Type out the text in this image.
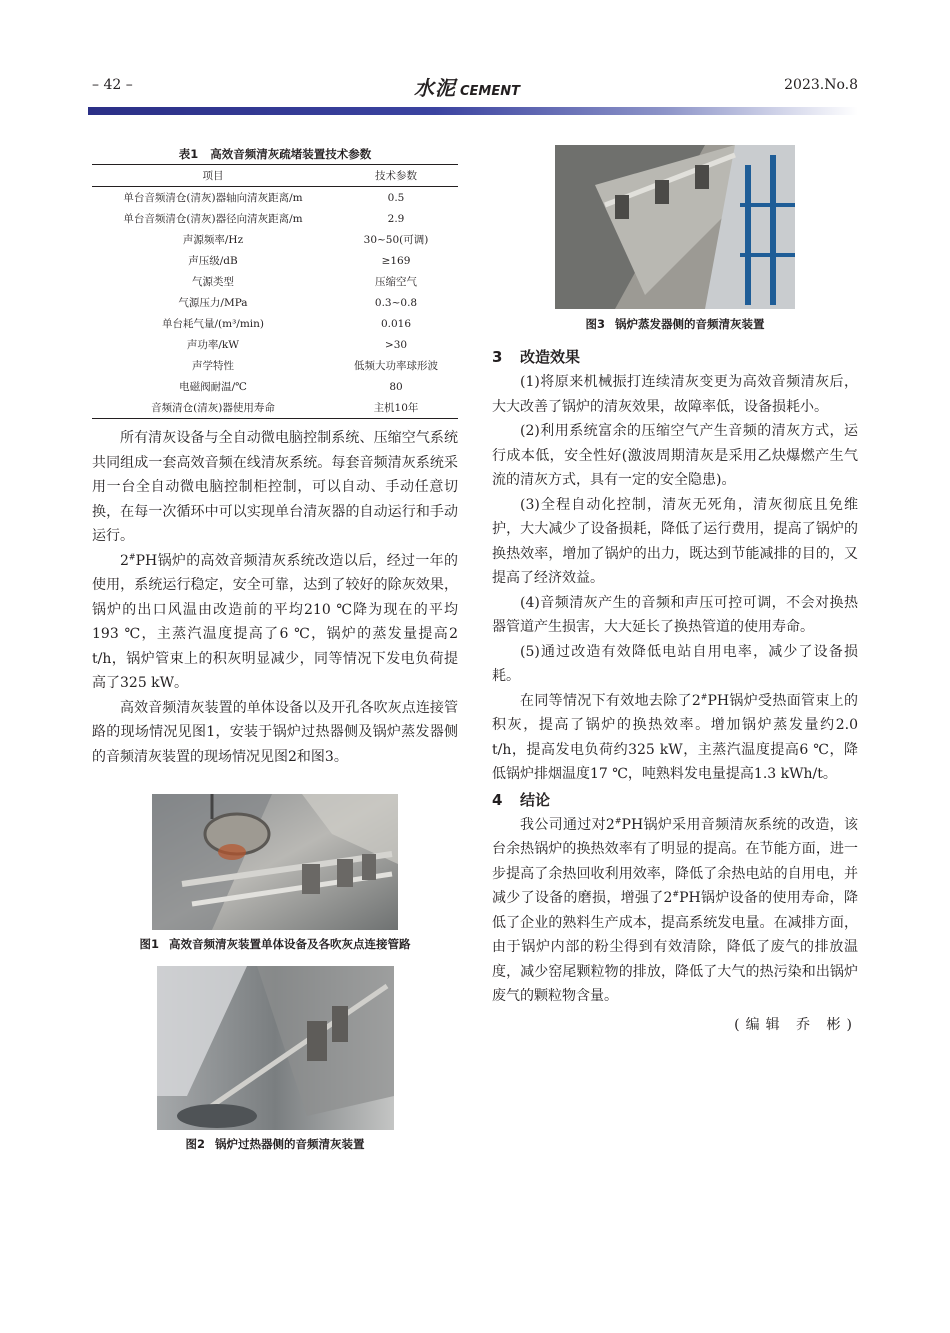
– 42 –	水泥 CEMENT	2023.No.8
表1 高效音频清灰疏堵装置技术参数
项目	技术参数
单台音频清仓(清灰)器轴向清灰距离/m	0.5
单台音频清仓(清灰)器径向清灰距离/m	2.9
声源频率/Hz	30~50(可调)
声压级/dB	≥169
气源类型	压缩空气
气源压力/MPa	0.3~0.8
单台耗气量/(m³/min)	0.016
声功率/kW	>30
声学特性	低频大功率球形波
电磁阀耐温/℃	80
音频清仓(清灰)器使用寿命	主机10年

所有清灰设备与全自动微电脑控制系统、压缩空气系统共同组成一套高效音频在线清灰系统。每套音频清灰系统采用一台全自动微电脑控制柜控制，可以自动、手动任意切换，在每一次循环中可以实现单台清灰器的自动运行和手动运行。

2#PH锅炉的高效音频清灰系统改造以后，经过一年的使用，系统运行稳定，安全可靠，达到了较好的除灰效果，锅炉的出口风温由改造前的平均210 ℃降为现在的平均193 ℃，主蒸汽温度提高了6 ℃，锅炉的蒸发量提高2 t/h，锅炉管束上的积灰明显减少，同等情况下发电负荷提高了325 kW。

高效音频清灰装置的单体设备以及开孔各吹灰点连接管路的现场情况见图1，安装于锅炉过热器侧及锅炉蒸发器侧的音频清灰装置的现场情况见图2和图3。

图1 高效音频清灰装置单体设备及各吹灰点连接管路
图2 锅炉过热器侧的音频清灰装置
图3 锅炉蒸发器侧的音频清灰装置
3 改造效果

(1)将原来机械振打连续清灰变更为高效音频清灰后，大大改善了锅炉的清灰效果，故障率低，设备损耗小。

(2)利用系统富余的压缩空气产生音频的清灰方式，运行成本低，安全性好(激波周期清灰是采用乙炔爆燃产生气流的清灰方式，具有一定的安全隐患)。

(3)全程自动化控制，清灰无死角，清灰彻底且免维护，大大减少了设备损耗，降低了运行费用，提高了锅炉的换热效率，增加了锅炉的出力，既达到节能减排的目的，又提高了经济效益。

(4)音频清灰产生的音频和声压可控可调，不会对换热器管道产生损害，大大延长了换热管道的使用寿命。

(5)通过改造有效降低电站自用电率，减少了设备损耗。

在同等情况下有效地去除了2#PH锅炉受热面管束上的积灰，提高了锅炉的换热效率。增加锅炉蒸发量约2.0 t/h，提高发电负荷约325 kW，主蒸汽温度提高6 ℃，降低锅炉排烟温度17 ℃，吨熟料发电量提高1.3 kWh/t。

4 结论

我公司通过对2#PH锅炉采用音频清灰系统的改造，该台余热锅炉的换热效率有了明显的提高。在节能方面，进一步提高了余热回收利用效率，降低了余热电站的自用电，并减少了设备的磨损，增强了2#PH锅炉设备的使用寿命，降低了企业的熟料生产成本，提高系统发电量。在减排方面，由于锅炉内部的粉尘得到有效清除，降低了废气的排放温度，减少窑尾颗粒物的排放，降低了大气的热污染和出锅炉废气的颗粒物含量。

(编辑 乔 彬)
